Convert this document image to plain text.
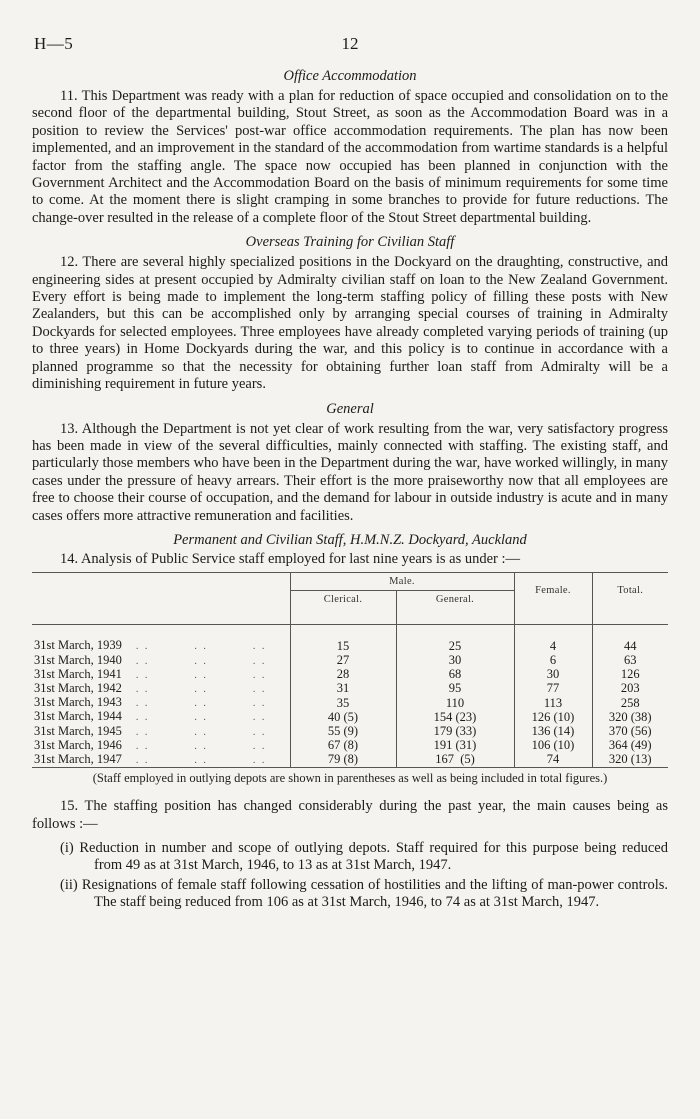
H—5	12

Office Accommodation

11. This Department was ready with a plan for reduction of space occupied and consolidation on to the second floor of the departmental building, Stout Street, as soon as the Accommodation Board was in a position to review the Services' post-war office accommodation requirements. The plan has now been implemented, and an improvement in the standard of the accommodation from wartime standards is a helpful factor from the staffing angle. The space now occupied has been planned in conjunction with the Government Architect and the Accommodation Board on the basis of minimum requirements for some time to come. At the moment there is slight cramping in some branches to provide for future reductions. The change-over resulted in the release of a complete floor of the Stout Street departmental building.

Overseas Training for Civilian Staff

12. There are several highly specialized positions in the Dockyard on the draughting, constructive, and engineering sides at present occupied by Admiralty civilian staff on loan to the New Zealand Government. Every effort is being made to implement the long-term staffing policy of filling these posts with New Zealanders, but this can be accomplished only by arranging special courses of training in Admiralty Dockyards for selected employees. Three employees have already completed varying periods of training (up to three years) in Home Dockyards during the war, and this policy is to continue in accordance with a planned programme so that the necessity for obtaining further loan staff from Admiralty will be a diminishing requirement in future years.

General

13. Although the Department is not yet clear of work resulting from the war, very satisfactory progress has been made in view of the several difficulties, mainly connected with staffing. The existing staff, and particularly those members who have been in the Department during the war, have worked willingly, in many cases under the pressure of heavy arrears. Their effort is the more praiseworthy now that all employees are free to choose their course of occupation, and the demand for labour in outside industry is acute and in many cases offers more attractive remuneration and facilities.

Permanent and Civilian Staff, H.M.N.Z. Dockyard, Auckland

14. Analysis of Public Service staff employed for last nine years is as under :—

	Male.		Female.	Total.
	Clerical.	General.		

31st March, 1939 . .          . .          . .	15	25	4	44
31st March, 1940 . .          . .          . .	27	30	6	63
31st March, 1941 . .          . .          . .	28	68	30	126
31st March, 1942 . .          . .          . .	31	95	77	203
31st March, 1943 . .          . .          . .	35	110	113	258
31st March, 1944 . .          . .          . .	40 (5)	154 (23)	126 (10)	320 (38)
31st March, 1945 . .          . .          . .	55 (9)	179 (33)	136 (14)	370 (56)
31st March, 1946 . .          . .          . .	67 (8)	191 (31)	106 (10)	364 (49)
31st March, 1947 . .          . .          . .	79 (8)	167  (5)	74	320 (13)

(Staff employed in outlying depots are shown in parentheses as well as being included in total figures.)

15. The staffing position has changed considerably during the past year, the main causes being as follows :—

(i) Reduction in number and scope of outlying depots. Staff required for this purpose being reduced from 49 as at 31st March, 1946, to 13 as at 31st March, 1947.

(ii) Resignations of female staff following cessation of hostilities and the lifting of man-power controls. The staff being reduced from 106 as at 31st March, 1946, to 74 as at 31st March, 1947.
